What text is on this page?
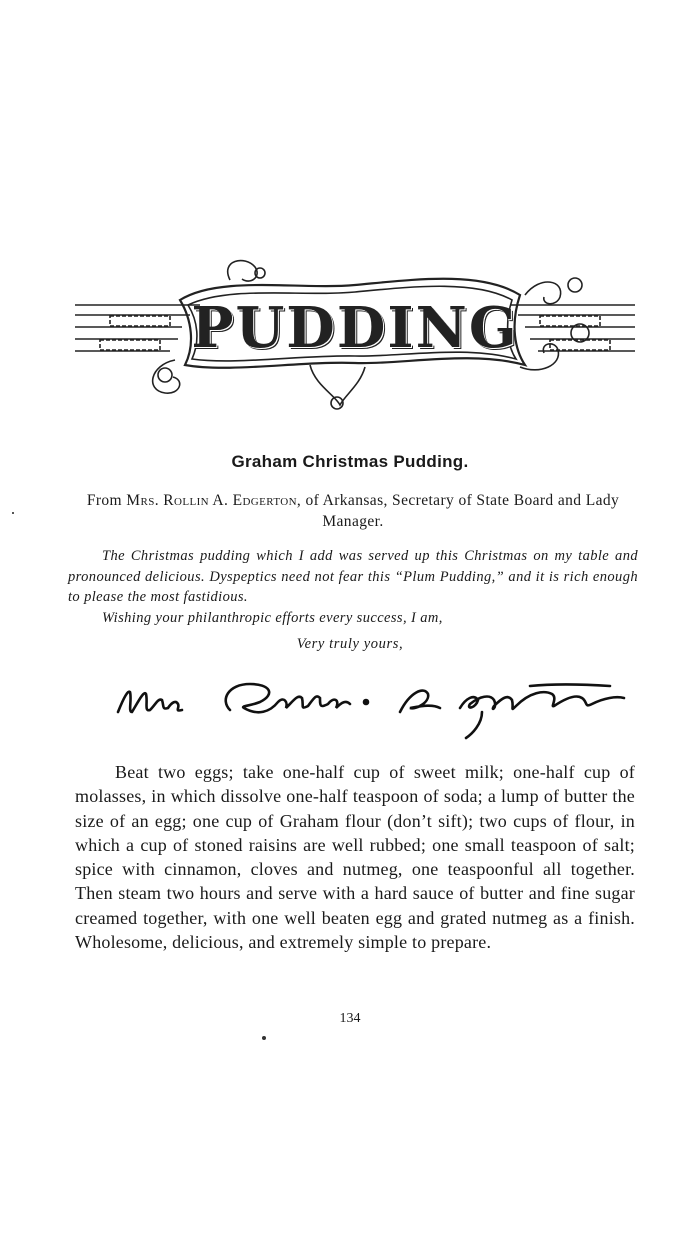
PUDDING
Graham Christmas Pudding.
From Mrs. Rollin A. Edgerton, of Arkansas, Secretary of State Board and Lady Manager.

The Christmas pudding which I add was served up this Christmas on my table and pronounced delicious. Dyspeptics need not fear this “Plum Pudding,” and it is rich enough to please the most fastidious.

Wishing your philanthropic efforts every success, I am,

Very truly yours,

Beat two eggs; take one-half cup of sweet milk; one-half cup of molasses, in which dissolve one-half teaspoon of soda; a lump of butter the size of an egg; one cup of Graham flour (don’t sift); two cups of flour, in which a cup of stoned raisins are well rubbed; one small teaspoon of salt; spice with cinnamon, cloves and nutmeg, one teaspoonful all together. Then steam two hours and serve with a hard sauce of butter and fine sugar creamed together, with one well beaten egg and grated nutmeg as a finish. Wholesome, delicious, and extremely simple to prepare.

134
